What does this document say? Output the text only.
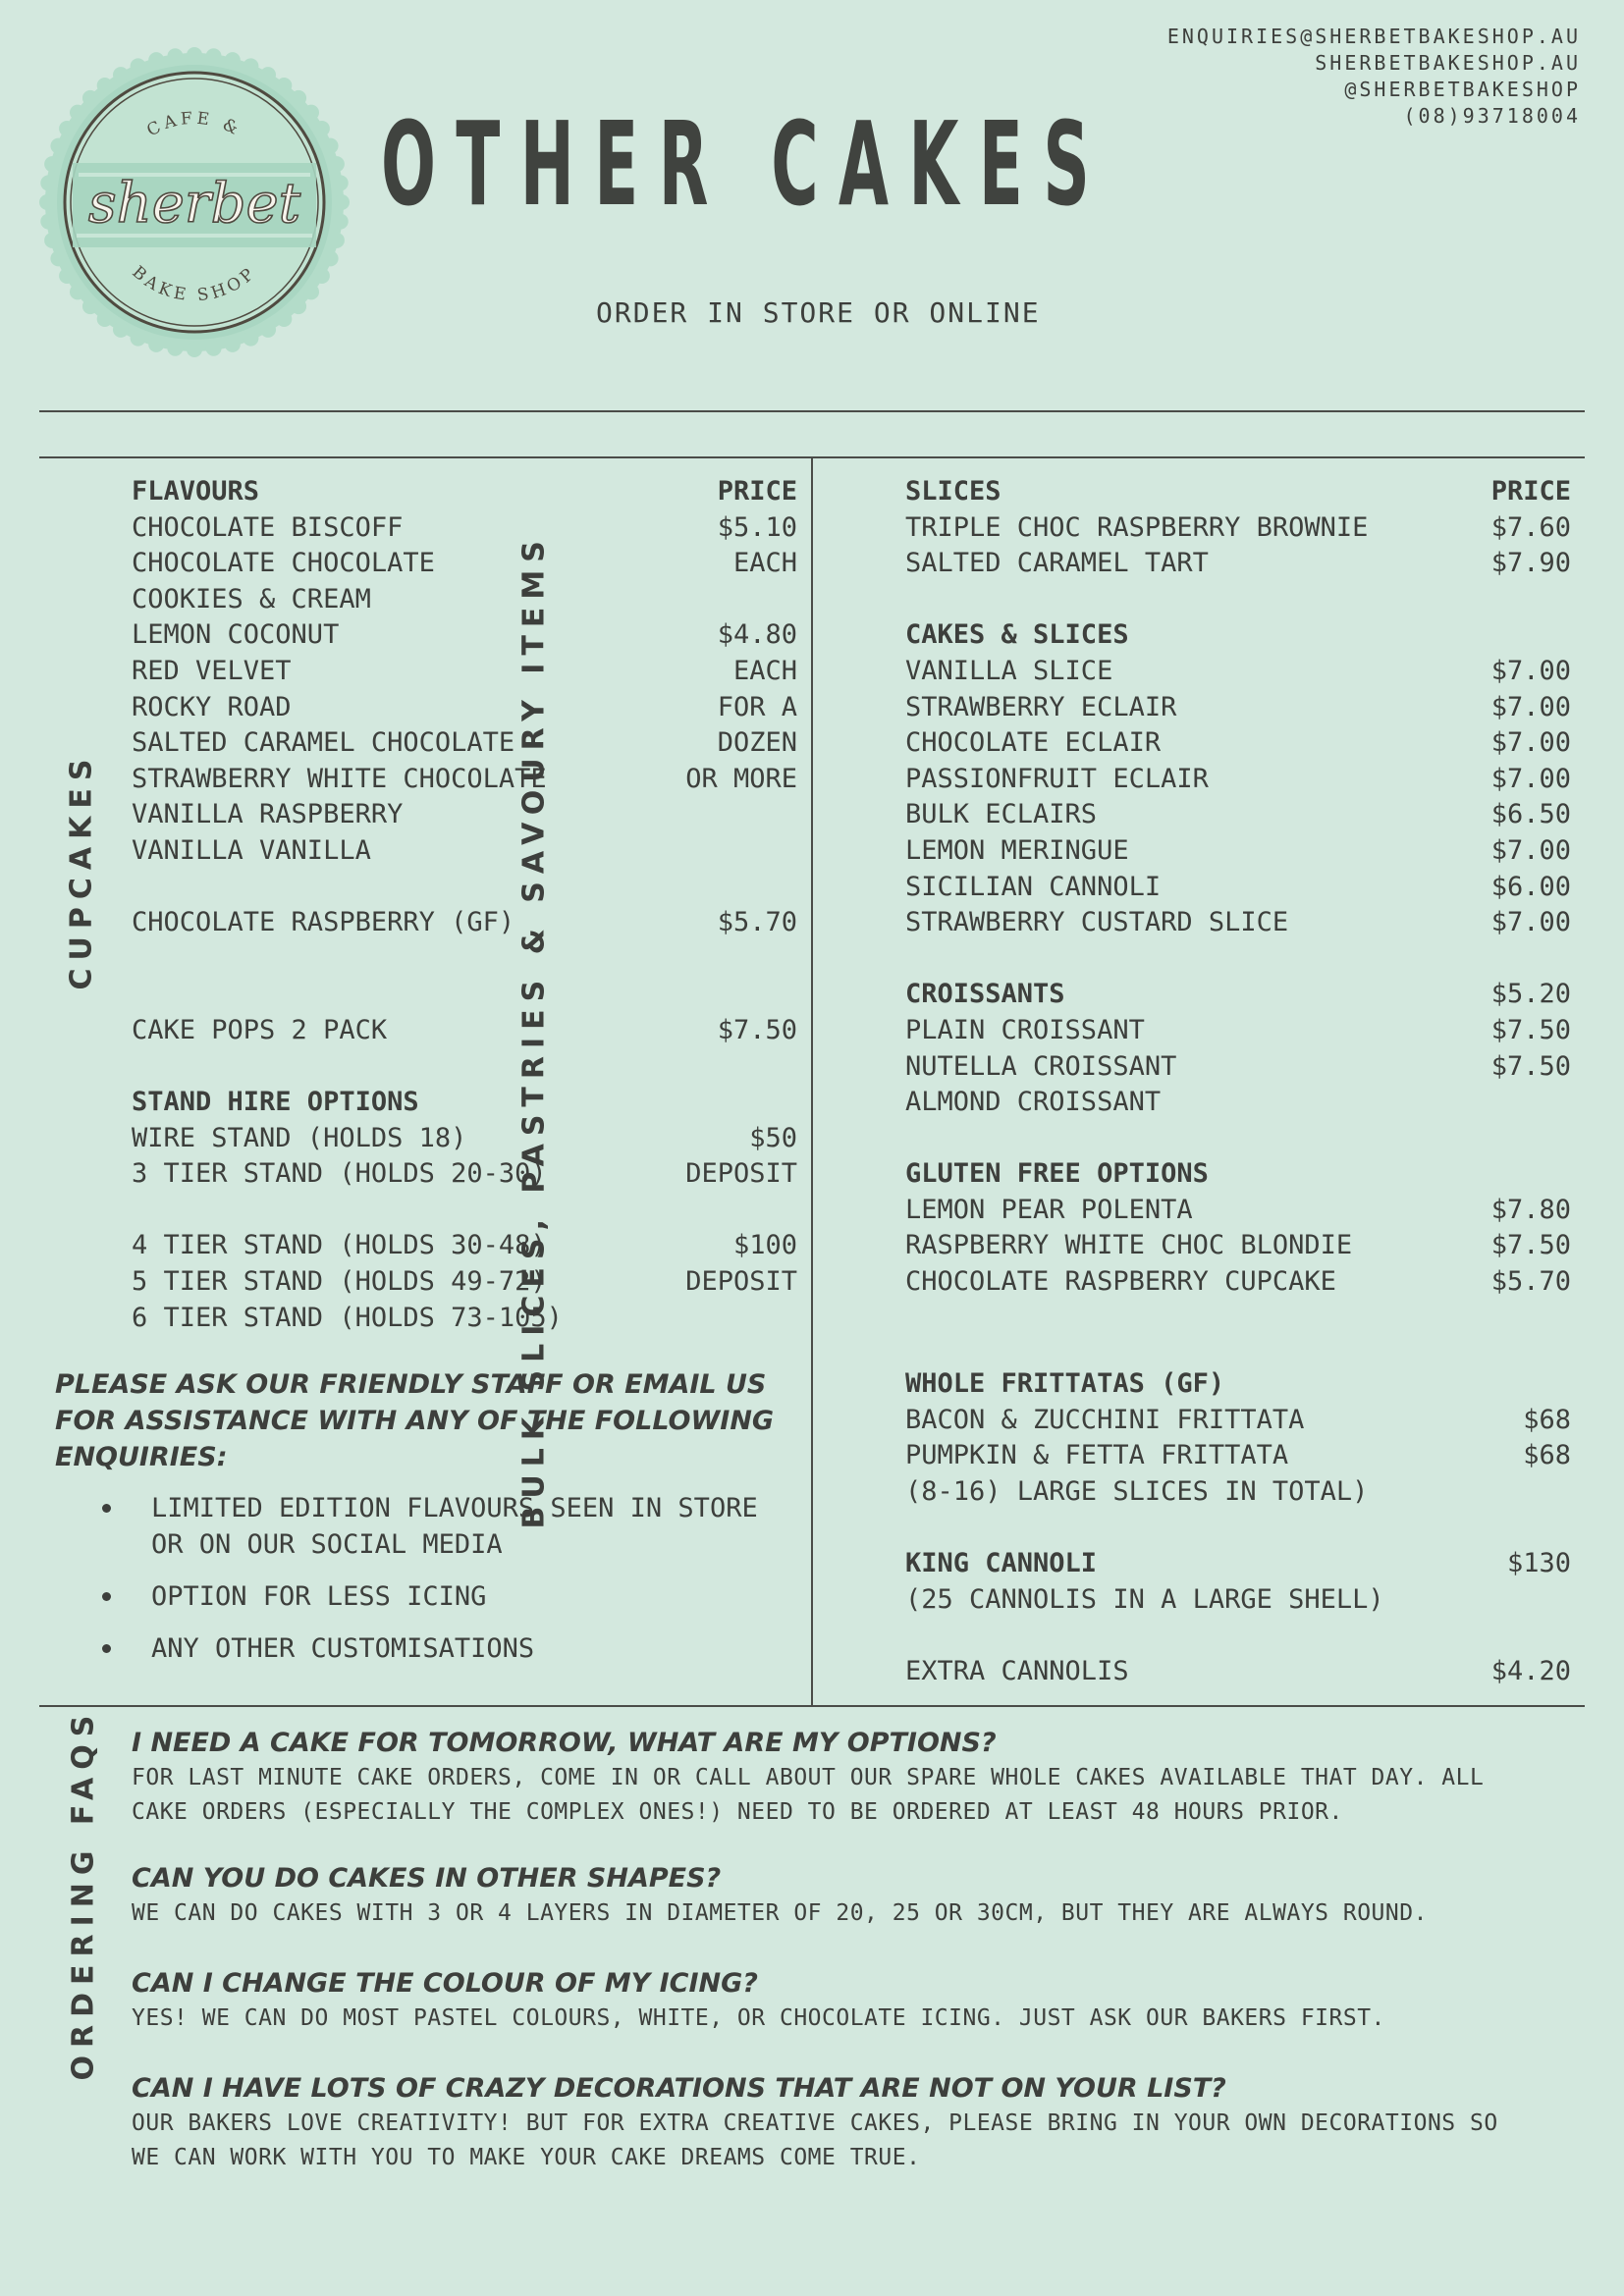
sherbet
CAFE &
BAKE SHOP
ENQUIRIES@SHERBETBAKESHOP.AU
SHERBETBAKESHOP.AU
@SHERBETBAKESHOP
(08)93718004
OTHER CAKES
ORDER IN STORE OR ONLINE
CUPCAKES	BULK SLICES, PASTRIES & SAVOURY ITEMS
ORDERING FAQS
FLAVOURS	PRICE
CHOCOLATE BISCOFF	$5.10
CHOCOLATE CHOCOLATE	EACH
COOKIES & CREAM
LEMON COCONUT	$4.80
RED VELVET	EACH
ROCKY ROAD	FOR A
SALTED CARAMEL CHOCOLATE	DOZEN
STRAWBERRY WHITE CHOCOLATE	OR MORE
VANILLA RASPBERRY
VANILLA VANILLA
CHOCOLATE RASPBERRY (GF)	$5.70
CAKE POPS 2 PACK	$7.50
STAND HIRE OPTIONS
WIRE STAND (HOLDS 18)	$50
3 TIER STAND (HOLDS 20-30)	DEPOSIT
4 TIER STAND (HOLDS 30-48)	$100
5 TIER STAND (HOLDS 49-72)	DEPOSIT
6 TIER STAND (HOLDS 73-105)
PLEASE ASK OUR FRIENDLY STAFF OR EMAIL US FOR ASSISTANCE WITH ANY OF THE FOLLOWING ENQUIRIES:
LIMITED EDITION FLAVOURS SEEN IN STORE
OR ON OUR SOCIAL MEDIA
OPTION FOR LESS ICING
ANY OTHER CUSTOMISATIONS
SLICES	PRICE
TRIPLE CHOC RASPBERRY BROWNIE	$7.60
SALTED CARAMEL TART	$7.90
CAKES & SLICES
VANILLA SLICE	$7.00
STRAWBERRY ECLAIR	$7.00
CHOCOLATE ECLAIR	$7.00
PASSIONFRUIT ECLAIR	$7.00
BULK ECLAIRS	$6.50
LEMON MERINGUE	$7.00
SICILIAN CANNOLI	$6.00
STRAWBERRY CUSTARD SLICE	$7.00
CROISSANTS	$5.20
PLAIN CROISSANT	$7.50
NUTELLA CROISSANT	$7.50
ALMOND CROISSANT
GLUTEN FREE OPTIONS
LEMON PEAR POLENTA	$7.80
RASPBERRY WHITE CHOC BLONDIE	$7.50
CHOCOLATE RASPBERRY CUPCAKE	$5.70
WHOLE FRITTATAS (GF)
BACON & ZUCCHINI FRITTATA	$68
PUMPKIN & FETTA FRITTATA	$68
(8-16) LARGE SLICES IN TOTAL)
KING CANNOLI	$130
(25 CANNOLIS IN A LARGE SHELL)
EXTRA CANNOLIS	$4.20
I NEED A CAKE FOR TOMORROW, WHAT ARE MY OPTIONS?
FOR LAST MINUTE CAKE ORDERS, COME IN OR CALL ABOUT OUR SPARE WHOLE CAKES AVAILABLE THAT DAY. ALL
CAKE ORDERS (ESPECIALLY THE COMPLEX ONES!) NEED TO BE ORDERED AT LEAST 48 HOURS PRIOR.
CAN YOU DO CAKES IN OTHER SHAPES?
WE CAN DO CAKES WITH 3 OR 4 LAYERS IN DIAMETER OF 20, 25 OR 30CM, BUT THEY ARE ALWAYS ROUND.
CAN I CHANGE THE COLOUR OF MY ICING?
YES! WE CAN DO MOST PASTEL COLOURS, WHITE, OR CHOCOLATE ICING. JUST ASK OUR BAKERS FIRST.
CAN I HAVE LOTS OF CRAZY DECORATIONS THAT ARE NOT ON YOUR LIST?
OUR BAKERS LOVE CREATIVITY! BUT FOR EXTRA CREATIVE CAKES, PLEASE BRING IN YOUR OWN DECORATIONS SO
WE CAN WORK WITH YOU TO MAKE YOUR CAKE DREAMS COME TRUE.
